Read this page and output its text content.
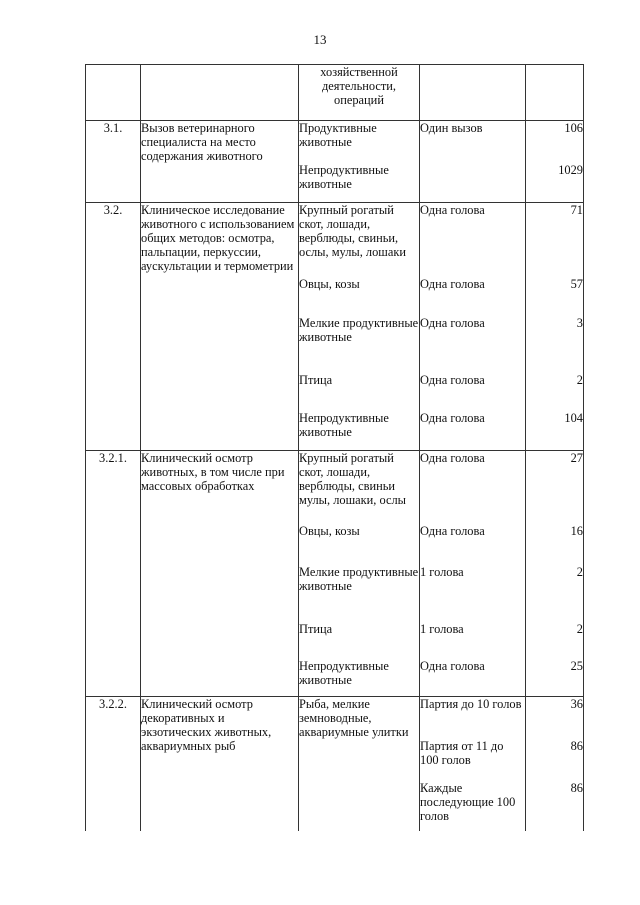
13
		хозяйственной деятельности, операций		
3.1.	Вызов ветеринарного специалиста на место содержания животного	Продуктивные животные	Один вызов	106
		Непродуктивные животные		1029
3.2.	Клиническое исследование животного с использованием общих методов: осмотра, пальпации, перкуссии, аускультации и термометрии	Крупный рогатый скот, лошади, верблюды, свиньи, ослы, мулы, лошаки	Одна голова	71
		Овцы, козы	Одна голова	57
		Мелкие продуктивные животные	Одна голова	3
		Птица	Одна голова	2
		Непродуктивные животные	Одна голова	104
3.2.1.	Клинический осмотр животных, в том числе при массовых обработках	Крупный рогатый скот, лошади, верблюды, свиньи мулы, лошаки, ослы	Одна голова	27
		Овцы, козы	Одна голова	16
		Мелкие продуктивные животные	1 голова	2
		Птица	1 голова	2
		Непродуктивные животные	Одна голова	25
3.2.2.	Клинический осмотр декоративных и экзотических животных, аквариумных рыб	Рыба, мелкие земноводные, аквариумные улитки	Партия до 10 голов	36
			Партия от 11 до 100 голов	86
			Каждые последующие 100 голов	86
